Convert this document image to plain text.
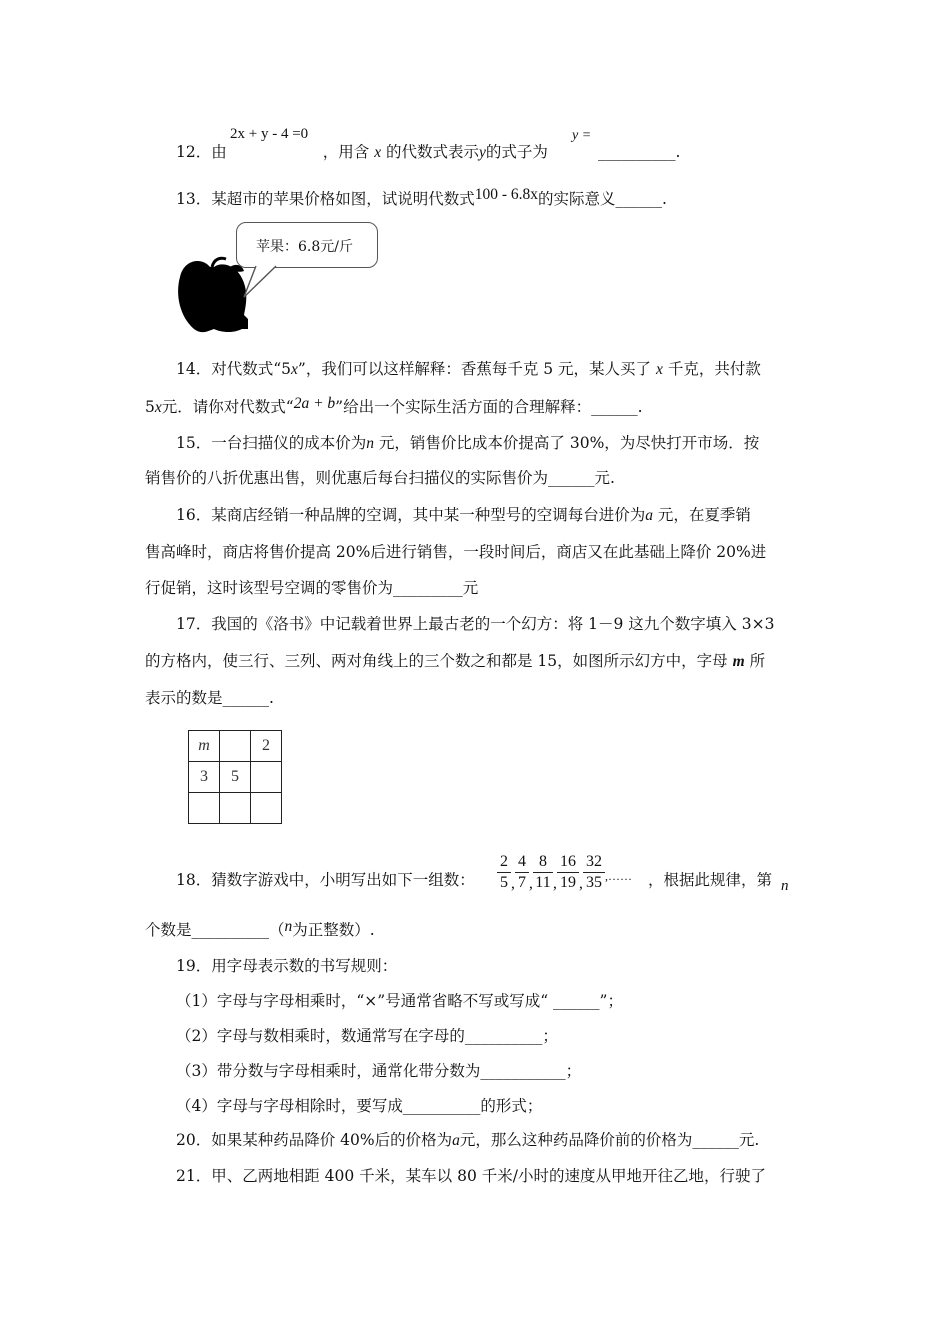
2x + y - 4 =0
12．由	，用含 x 的代数式表示y的式子为
y =
__________.
13．某超市的苹果价格如图，试说明代数式100 - 6.8x的实际意义______.
苹果：6.8元/斤
14．对代数式“5x”，我们可以这样解释：香蕉每千克 5 元，某人买了 x 千克，共付款
5x元．请你对代数式“2a + b”给出一个实际生活方面的合理解释：______.
15．一台扫描仪的成本价为n 元，销售价比成本价提高了 30%，为尽快打开市场．按
销售价的八折优惠出售，则优惠后每台扫描仪的实际售价为______元.
16．某商店经销一种品牌的空调，其中某一种型号的空调每台进价为a 元，在夏季销
售高峰时，商店将售价提高 20%后进行销售，一段时间后，商店又在此基础上降价 20%进
行促销，这时该型号空调的零售价为_________元
17．我国的《洛书》中记载着世界上最古老的一个幻方：将 1－9 这九个数字填入 3×3
的方格内，使三行、三列、两对角线上的三个数之和都是 15，如图所示幻方中，字母 m 所
表示的数是______.
m		2
3	5	

18．猜数字游戏中，小明写出如下一组数： $\frac{2}{5}$ , $\frac{4}{7}$ , $\frac{8}{11}$ , $\frac{16}{19}$ , $\frac{32}{35}$ ,…… ，根据此规律，第 n
个数是__________（n为正整数）.
19．用字母表示数的书写规则：
（1）字母与字母相乘时，“×”号通常省略不写或写成“ ______”；
（2）字母与数相乘时，数通常写在字母的__________；
（3）带分数与字母相乘时，通常化带分数为___________；
（4）字母与字母相除时，要写成__________的形式；
20．如果某种药品降价 40%后的价格为a元，那么这种药品降价前的价格为______元.
21．甲、乙两地相距 400 千米，某车以 80 千米/小时的速度从甲地开往乙地，行驶了
